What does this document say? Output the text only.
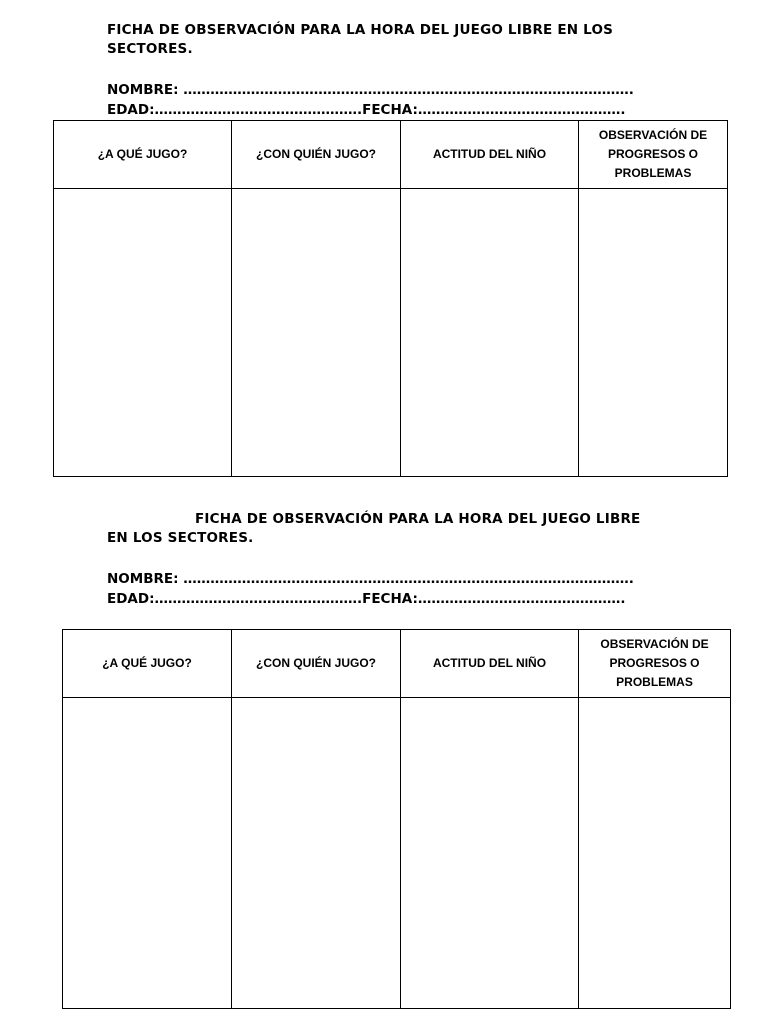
FICHA DE OBSERVACIÓN PARA LA HORA DEL JUEGO LIBRE EN LOS SECTORES.

NOMBRE: ……………………………………………………………………………………….

EDAD:……………………………………….FECHA:……………………………………….

¿A QUÉ JUGO?	¿CON QUIÉN JUGO?	ACTITUD DEL NIÑO	OBSERVACIÓN DE PROGRESOS O PROBLEMAS

FICHA DE OBSERVACIÓN PARA LA HORA DEL JUEGO LIBRE
EN LOS SECTORES.

NOMBRE: ……………………………………………………………………………………….

EDAD:……………………………………….FECHA:……………………………………….

¿A QUÉ JUGO?	¿CON QUIÉN JUGO?	ACTITUD DEL NIÑO	OBSERVACIÓN DE PROGRESOS O PROBLEMAS
